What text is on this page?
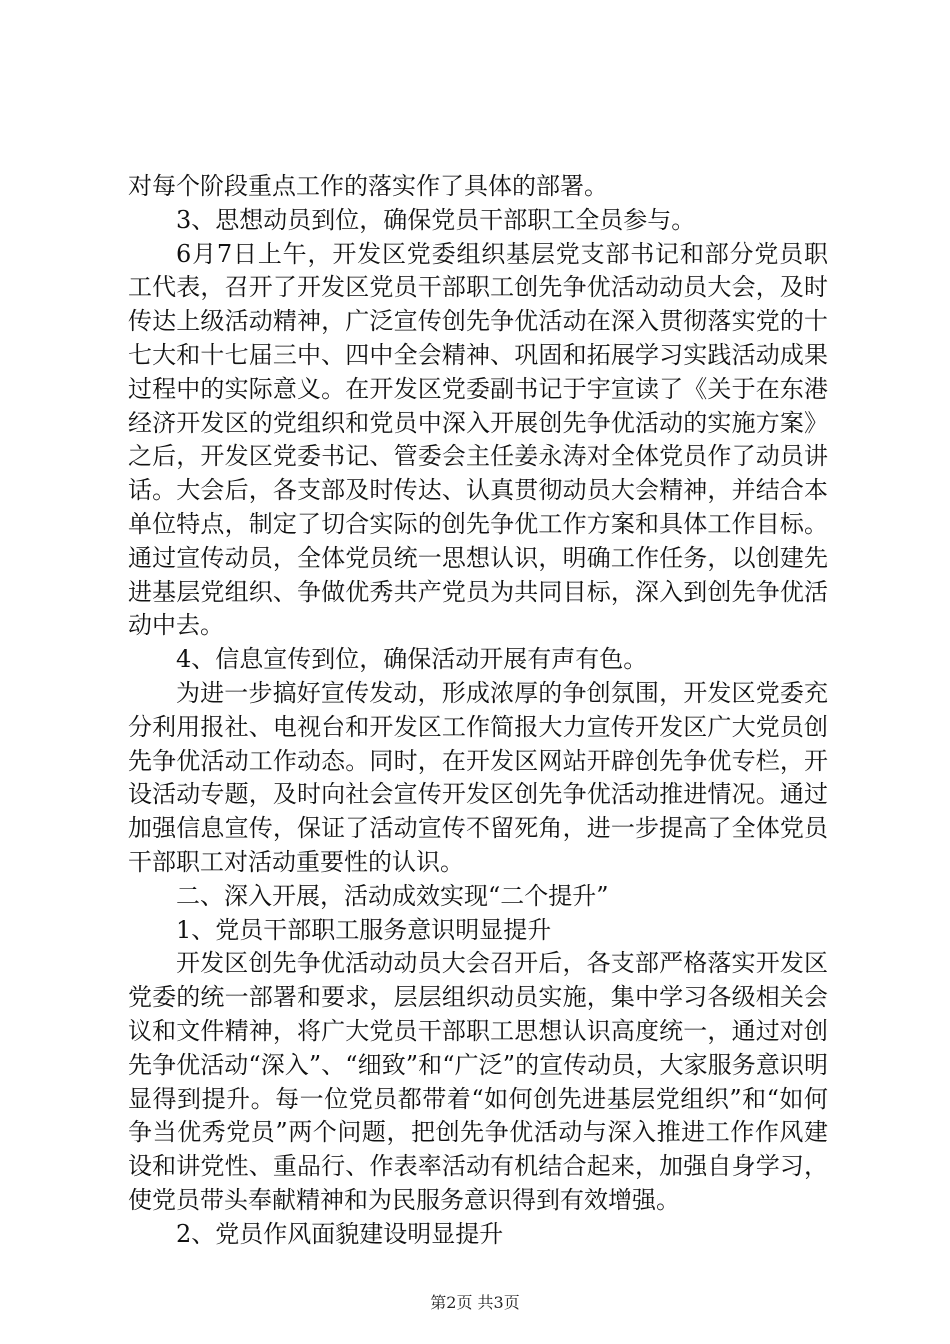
对每个阶段重点工作的落实作了具体的部署。

3、思想动员到位，确保党员干部职工全员参与。

6月7日上午，开发区党委组织基层党支部书记和部分党员职工代表，召开了开发区党员干部职工创先争优活动动员大会，及时传达上级活动精神，广泛宣传创先争优活动在深入贯彻落实党的十七大和十七届三中、四中全会精神、巩固和拓展学习实践活动成果过程中的实际意义。在开发区党委副书记于宇宣读了《关于在东港经济开发区的党组织和党员中深入开展创先争优活动的实施方案》之后，开发区党委书记、管委会主任姜永涛对全体党员作了动员讲话。大会后，各支部及时传达、认真贯彻动员大会精神，并结合本单位特点，制定了切合实际的创先争优工作方案和具体工作目标。通过宣传动员，全体党员统一思想认识，明确工作任务，以创建先进基层党组织、争做优秀共产党员为共同目标，深入到创先争优活动中去。

4、信息宣传到位，确保活动开展有声有色。

为进一步搞好宣传发动，形成浓厚的争创氛围，开发区党委充分利用报社、电视台和开发区工作简报大力宣传开发区广大党员创先争优活动工作动态。同时，在开发区网站开辟创先争优专栏，开设活动专题，及时向社会宣传开发区创先争优活动推进情况。通过加强信息宣传，保证了活动宣传不留死角，进一步提高了全体党员干部职工对活动重要性的认识。

二、深入开展，活动成效实现“二个提升”

1、党员干部职工服务意识明显提升

开发区创先争优活动动员大会召开后，各支部严格落实开发区党委的统一部署和要求，层层组织动员实施，集中学习各级相关会议和文件精神，将广大党员干部职工思想认识高度统一，通过对创先争优活动“深入”、“细致”和“广泛”的宣传动员，大家服务意识明显得到提升。每一位党员都带着“如何创先进基层党组织”和“如何争当优秀党员”两个问题，把创先争优活动与深入推进工作作风建设和讲党性、重品行、作表率活动有机结合起来，加强自身学习，使党员带头奉献精神和为民服务意识得到有效增强。

2、党员作风面貌建设明显提升

第2页 共3页
